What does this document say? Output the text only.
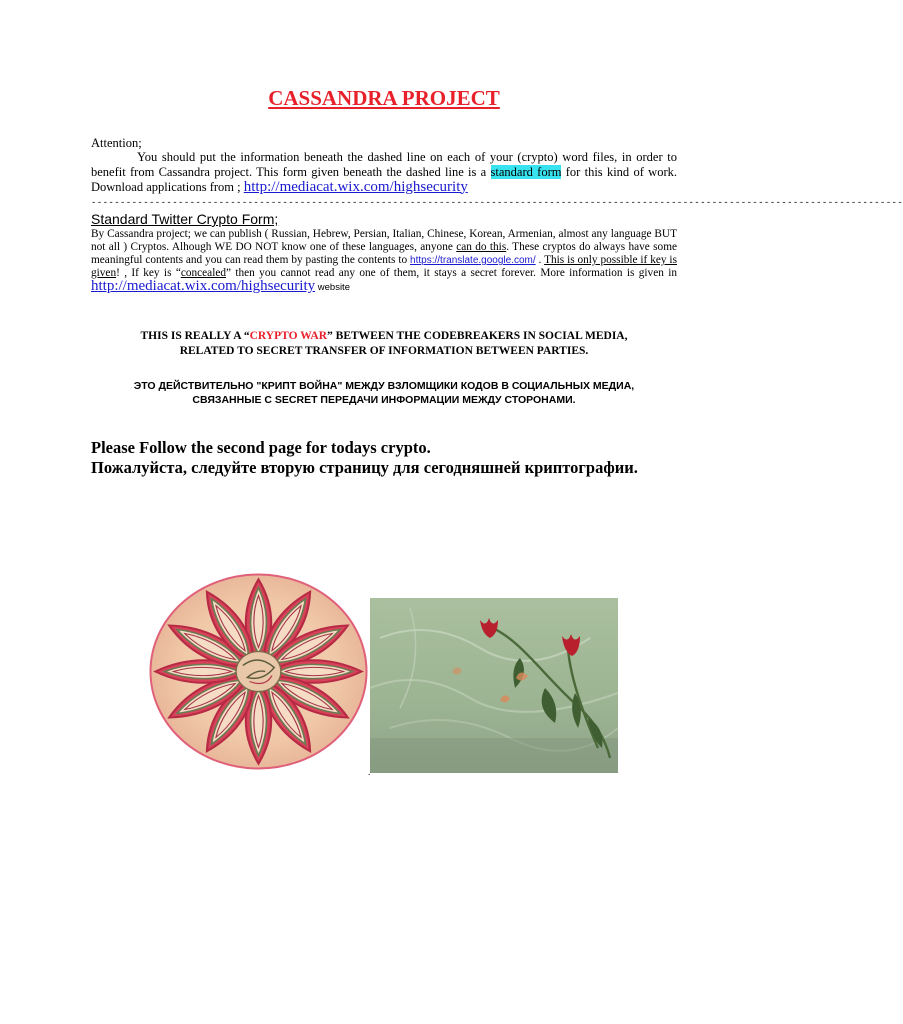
CASSANDRA PROJECT
Attention;
You should put the information beneath the dashed line on each of your (crypto) word files, in order to benefit from Cassandra project. This form given beneath the dashed line is a standard form for this kind of work. Download applications from ; http://mediacat.wix.com/highsecurity
--------------------------------------------------------------------------------------------------------------------------------------------
Standard Twitter Crypto Form;
By Cassandra project; we can publish ( Russian, Hebrew, Persian, Italian, Chinese, Korean, Armenian, almost any language BUT not all ) Cryptos. Alhough WE DO NOT know one of these languages, anyone can do this. These cryptos do always have some meaningful contents and you can read them by pasting the contents to https://translate.google.com/ . This is only possible if key is given! , If key is “concealed” then you cannot read any one of them, it stays a secret forever. More information is given in http://mediacat.wix.com/highsecurity website
THIS IS REALLY A “CRYPTO WAR” BETWEEN THE CODEBREAKERS IN SOCIAL MEDIA, RELATED TO SECRET TRANSFER OF INFORMATION BETWEEN PARTIES.
ЭТО ДЕЙСТВИТЕЛЬНО "КРИПТ ВОЙНА" МЕЖДУ ВЗЛОМЩИКИ КОДОВ В СОЦИАЛЬНЫХ МЕДИА, СВЯЗАННЫЕ С SECRET ПЕРЕДАЧИ ИНФОРМАЦИИ МЕЖДУ СТОРОНАМИ.
Please Follow the second page for todays crypto.
Пожалуйста, следуйте вторую страницу для сегодняшней криптографии.
.
